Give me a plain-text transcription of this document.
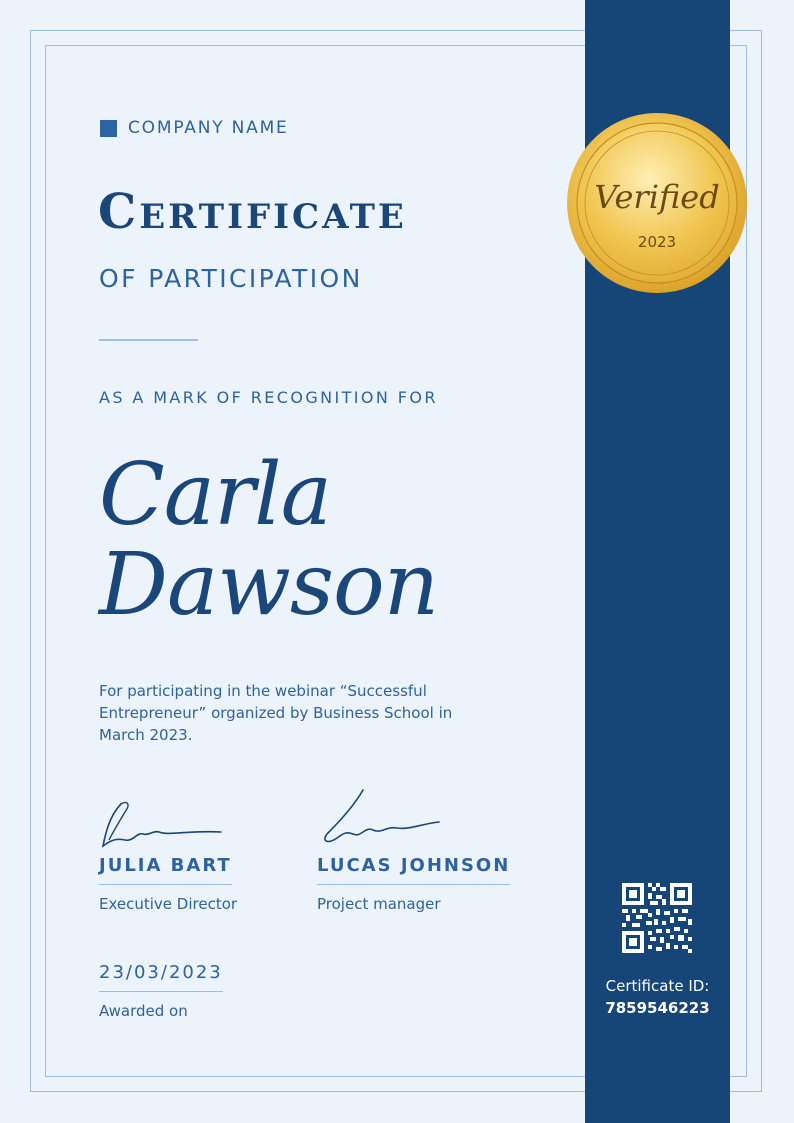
COMPANY NAME
Certificate
OF PARTICIPATION
AS A MARK OF RECOGNITION FOR
Carla Dawson
For participating in the webinar “Successful Entrepreneur” organized by Business School in March 2023.
JULIA BART
Executive Director
LUCAS JOHNSON
Project manager
23/03/2023
Awarded on
Verified
2023
Certificate ID:
7859546223
